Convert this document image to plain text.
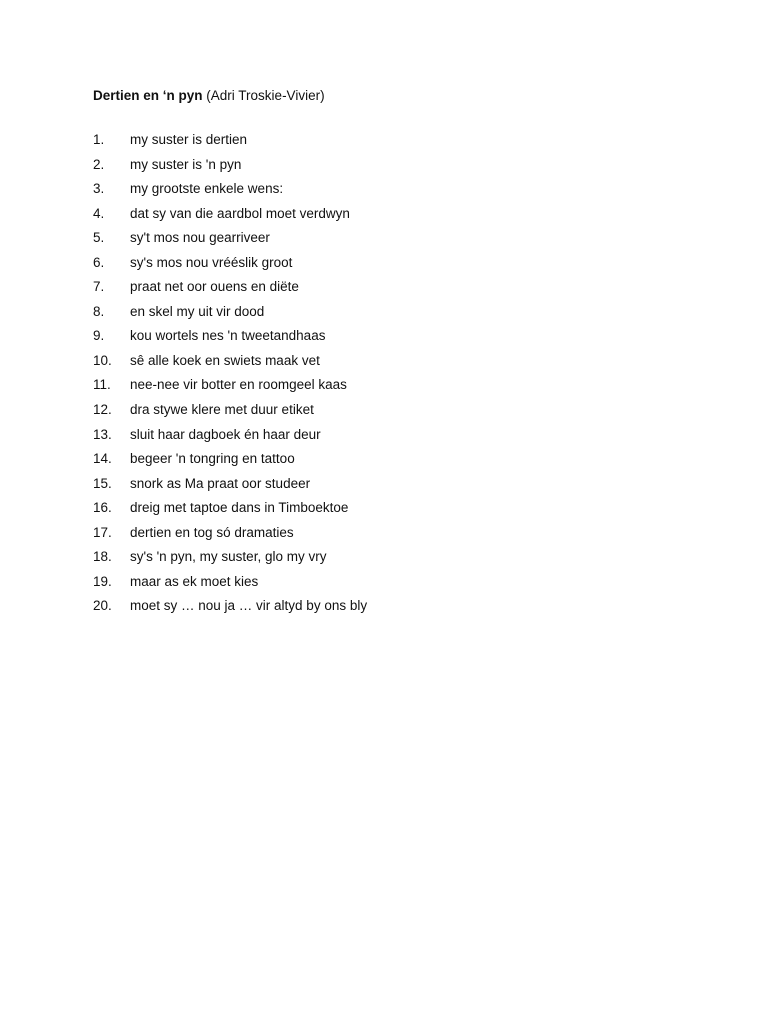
Dertien en ‘n pyn (Adri Troskie-Vivier)

1.	my suster is dertien
2.	my suster is 'n pyn
3.	my grootste enkele wens:
4.	dat sy van die aardbol moet verdwyn
5.	sy't mos nou gearriveer
6.	sy's mos nou vrééslik groot
7.	praat net oor ouens en diëte
8.	en skel my uit vir dood
9.	kou wortels nes 'n tweetandhaas
10.	sê alle koek en swiets maak vet
11.	nee-nee vir botter en roomgeel kaas
12.	dra stywe klere met duur etiket
13.	sluit haar dagboek én haar deur
14.	begeer 'n tongring en tattoo
15.	snork as Ma praat oor studeer
16.	dreig met taptoe dans in Timboektoe
17.	dertien en tog só dramaties
18.	sy's 'n pyn, my suster, glo my vry
19.	maar as ek moet kies
20.	moet sy … nou ja … vir altyd by ons bly
